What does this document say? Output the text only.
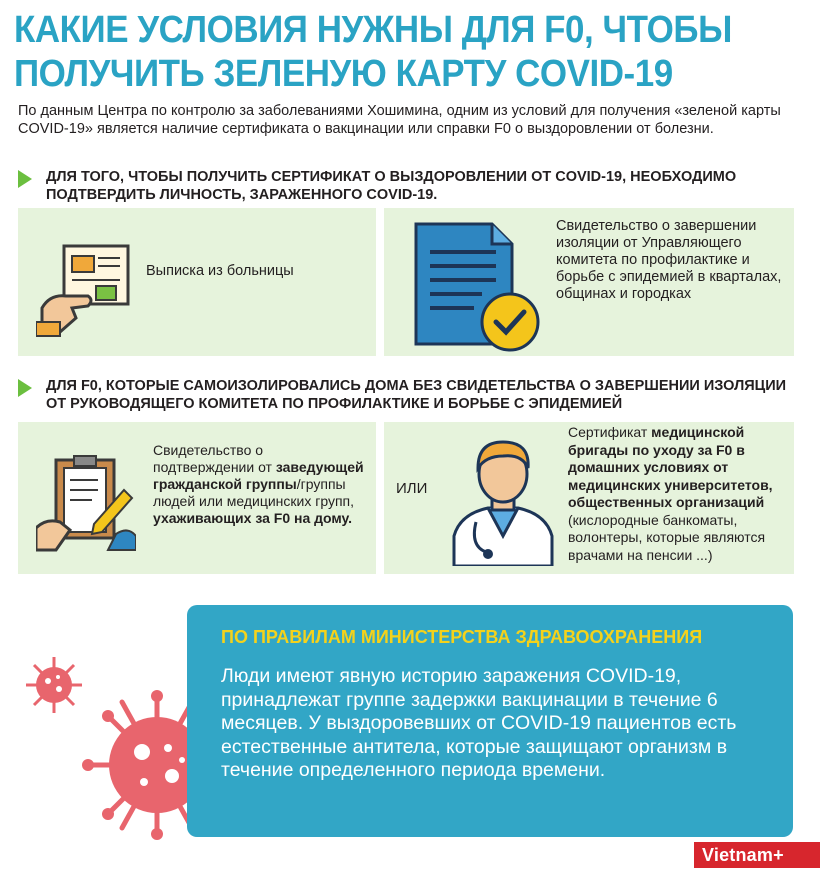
КАКИЕ УСЛОВИЯ НУЖНЫ ДЛЯ F0, ЧТОБЫ ПОЛУЧИТЬ ЗЕЛЕНУЮ КАРТУ COVID-19
По данным Центра по контролю за заболеваниями Хошимина, одним из условий для получения «зеленой карты COVID-19» является наличие сертификата о вакцинации или справки F0 о выздоровлении от болезни.
ДЛЯ ТОГО, ЧТОБЫ ПОЛУЧИТЬ СЕРТИФИКАТ О ВЫЗДОРОВЛЕНИИ ОТ COVID-19, НЕОБХОДИМО ПОДТВЕРДИТЬ ЛИЧНОСТЬ, ЗАРАЖЕННОГО COVID-19.
Выписка из больницы
Свидетельство о завершении изоляции от Управляющего комитета по профилактике и борьбе с эпидемией в кварталах, общинах и городках
ДЛЯ F0, КОТОРЫЕ САМОИЗОЛИРОВАЛИСЬ ДОМА БЕЗ СВИДЕТЕЛЬСТВА О ЗАВЕРШЕНИИ ИЗОЛЯЦИИ ОТ РУКОВОДЯЩЕГО КОМИТЕТА ПО ПРОФИЛАКТИКЕ И БОРЬБЕ С ЭПИДЕМИЕЙ
Свидетельство о подтверждении от заведующей гражданской группы/группы людей или медицинских групп, ухаживающих за F0 на дому.
ИЛИ
Сертификат медицинской бригады по уходу за F0 в домашних условиях от медицинских университетов, общественных организаций (кислородные банкоматы, волонтеры, которые являются врачами на пенсии ...)
ПО ПРАВИЛАМ МИНИСТЕРСТВА ЗДРАВООХРАНЕНИЯ
Люди имеют явную историю заражения COVID-19, принадлежат группе задержки вакцинации в течение 6 месяцев. У выздоровевших от COVID-19 пациентов есть естественные антитела, которые защищают организм в течение определенного периода времени.
Vietnam+
